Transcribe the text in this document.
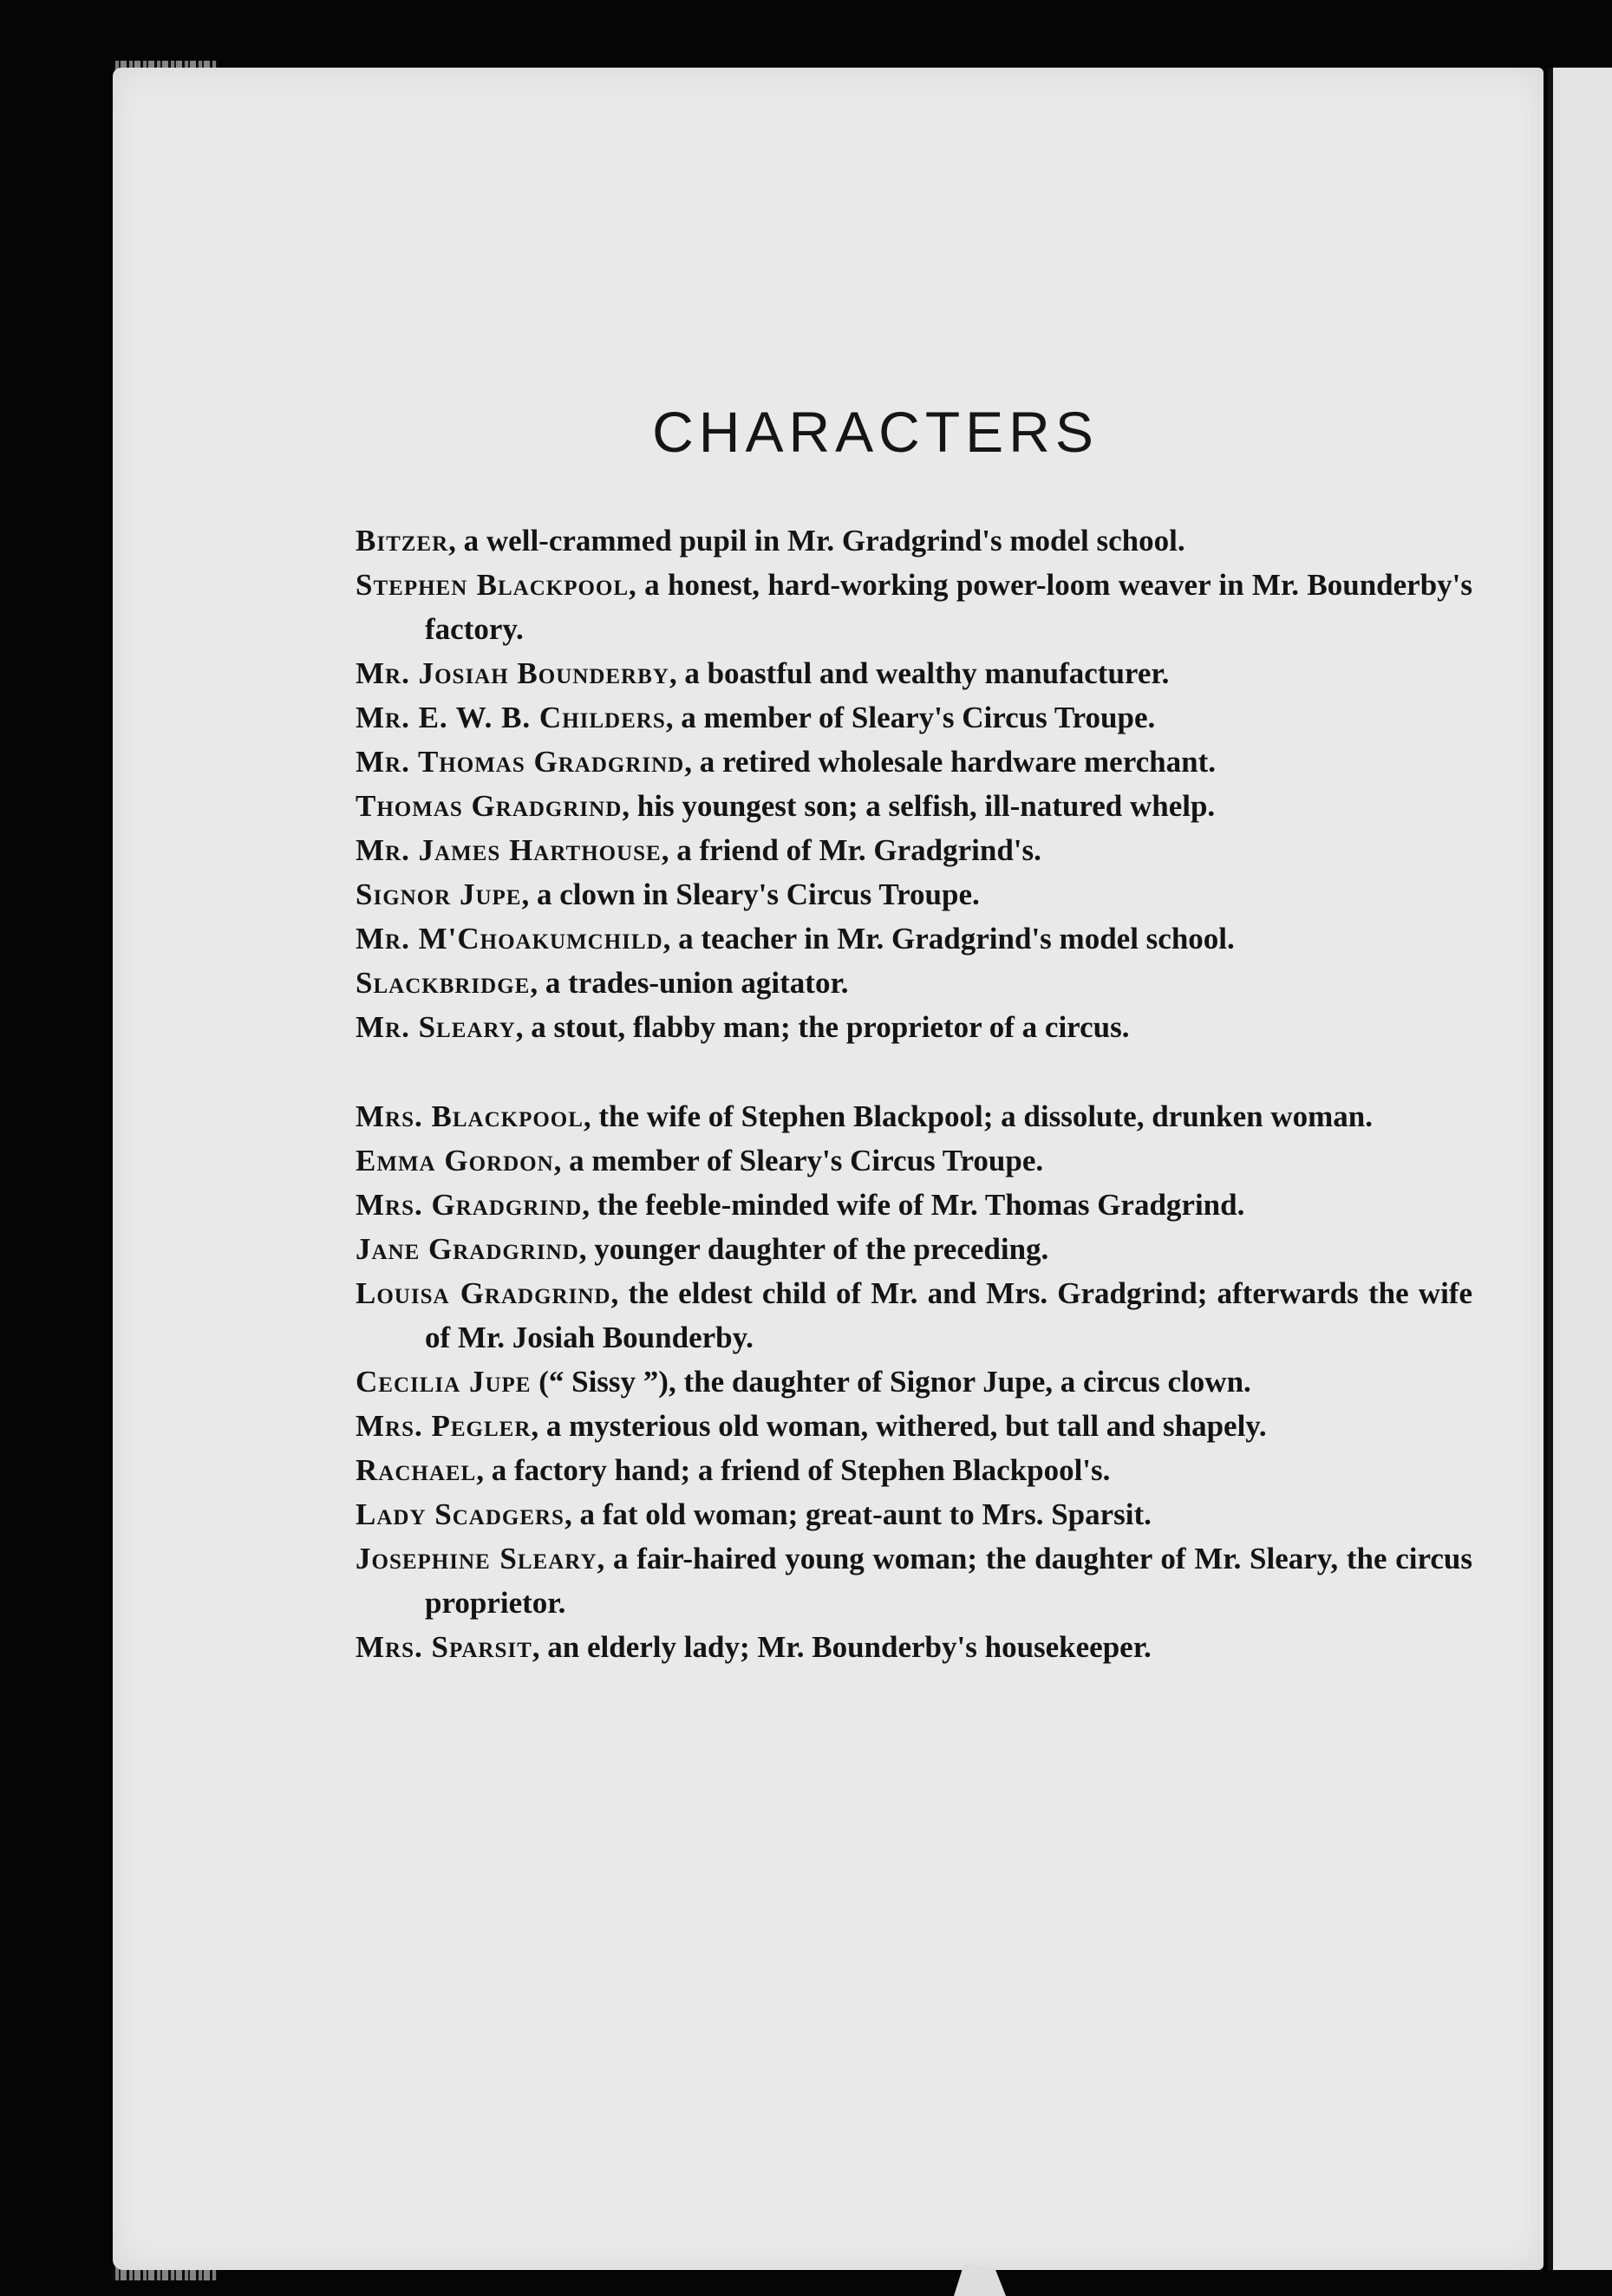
CHARACTERS
Bitzer, a well-crammed pupil in Mr. Gradgrind's model school.
Stephen Blackpool, a honest, hard-working power-loom weaver in Mr. Bounderby's factory.
Mr. Josiah Bounderby, a boastful and wealthy manufacturer.
Mr. E. W. B. Childers, a member of Sleary's Circus Troupe.
Mr. Thomas Gradgrind, a retired wholesale hardware merchant.
Thomas Gradgrind, his youngest son; a selfish, ill-natured whelp.
Mr. James Harthouse, a friend of Mr. Gradgrind's.
Signor Jupe, a clown in Sleary's Circus Troupe.
Mr. M'Choakumchild, a teacher in Mr. Gradgrind's model school.
Slackbridge, a trades-union agitator.
Mr. Sleary, a stout, flabby man; the proprietor of a circus.
Mrs. Blackpool, the wife of Stephen Blackpool; a dissolute, drunken woman.
Emma Gordon, a member of Sleary's Circus Troupe.
Mrs. Gradgrind, the feeble-minded wife of Mr. Thomas Gradgrind.
Jane Gradgrind, younger daughter of the preceding.
Louisa Gradgrind, the eldest child of Mr. and Mrs. Gradgrind; afterwards the wife of Mr. Josiah Bounderby.
Cecilia Jupe (“ Sissy ”), the daughter of Signor Jupe, a circus clown.
Mrs. Pegler, a mysterious old woman, withered, but tall and shapely.
Rachael, a factory hand; a friend of Stephen Blackpool's.
Lady Scadgers, a fat old woman; great-aunt to Mrs. Sparsit.
Josephine Sleary, a fair-haired young woman; the daughter of Mr. Sleary, the circus proprietor.
Mrs. Sparsit, an elderly lady; Mr. Bounderby's housekeeper.
